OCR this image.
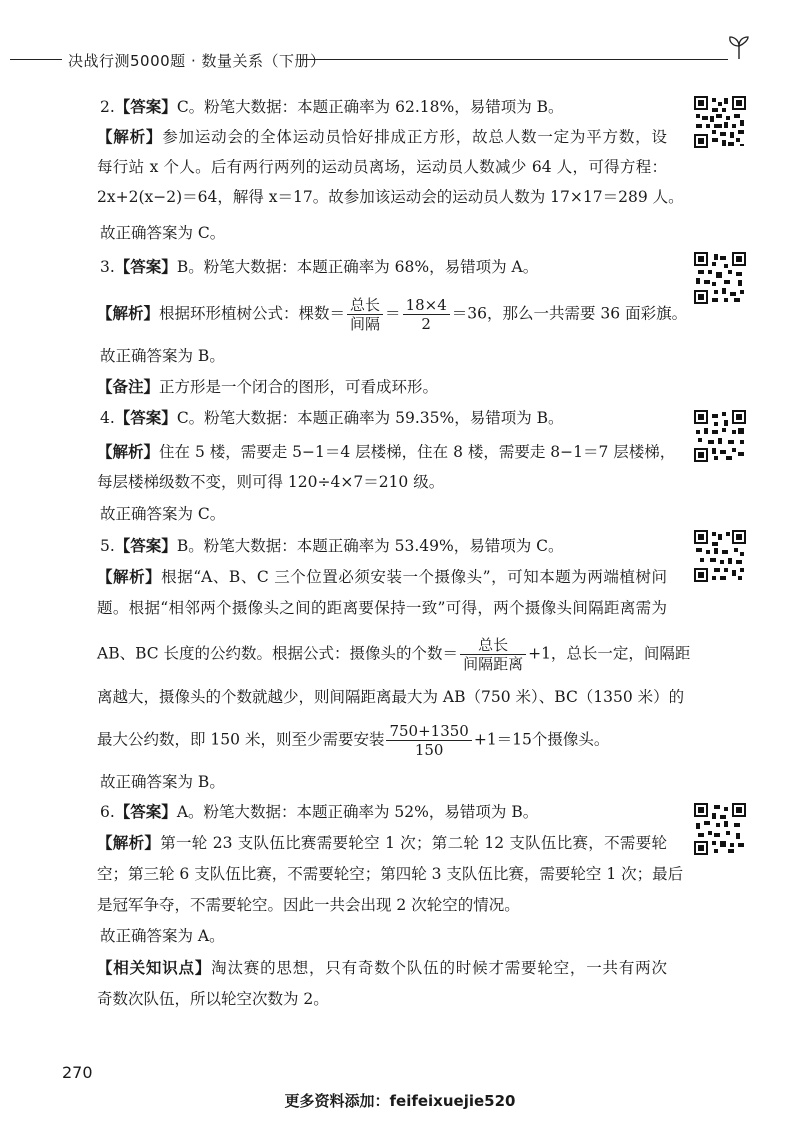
决战行测5000题 · 数量关系（下册）
2.【答案】C。粉笔大数据：本题正确率为 62.18%，易错项为 B。
【解析】参加运动会的全体运动员恰好排成正方形，故总人数一定为平方数，设
每行站 x 个人。后有两行两列的运动员离场，运动员人数减少 64 人，可得方程：
2x+2(x−2)＝64，解得 x＝17。故参加该运动会的运动员人数为 17×17＝289 人。
故正确答案为 C。
3.【答案】B。粉笔大数据：本题正确率为 68%，易错项为 A。
【解析】根据环形植树公式：棵数＝ $\frac{\text{总长}}{\text{间隔}} = \frac{18\times 4}{2} =36$，那么一共需要 36 面彩旗。
故正确答案为 B。
【备注】正方形是一个闭合的图形，可看成环形。
4.【答案】C。粉笔大数据：本题正确率为 59.35%，易错项为 B。
【解析】住在 5 楼，需要走 5−1＝4 层楼梯，住在 8 楼，需要走 8−1＝7 层楼梯，
每层楼梯级数不变，则可得 120÷4×7＝210 级。
故正确答案为 C。
5.【答案】B。粉笔大数据：本题正确率为 53.49%，易错项为 C。
【解析】根据“A、B、C 三个位置必须安装一个摄像头”，可知本题为两端植树问
题。根据“相邻两个摄像头之间的距离要保持一致”可得，两个摄像头间隔距离需为
AB、BC 长度的公约数。根据公式：摄像头的个数＝ $\frac{\text{总长}}{\text{间隔距离}} +1$，总长一定，间隔距
离越大，摄像头的个数就越少，则间隔距离最大为 AB（750 米）、BC（1350 米）的
最大公约数，即 150 米，则至少需要安装 $\frac{750+1350}{150} +1=15$个摄像头。
故正确答案为 B。
6.【答案】A。粉笔大数据：本题正确率为 52%，易错项为 B。
【解析】第一轮 23 支队伍比赛需要轮空 1 次；第二轮 12 支队伍比赛，不需要轮
空；第三轮 6 支队伍比赛，不需要轮空；第四轮 3 支队伍比赛，需要轮空 1 次；最后
是冠军争夺，不需要轮空。因此一共会出现 2 次轮空的情况。
故正确答案为 A。
【相关知识点】淘汰赛的思想，只有奇数个队伍的时候才需要轮空，一共有两次
奇数次队伍，所以轮空次数为 2。
270
更多资料添加：feifeixuejie520
